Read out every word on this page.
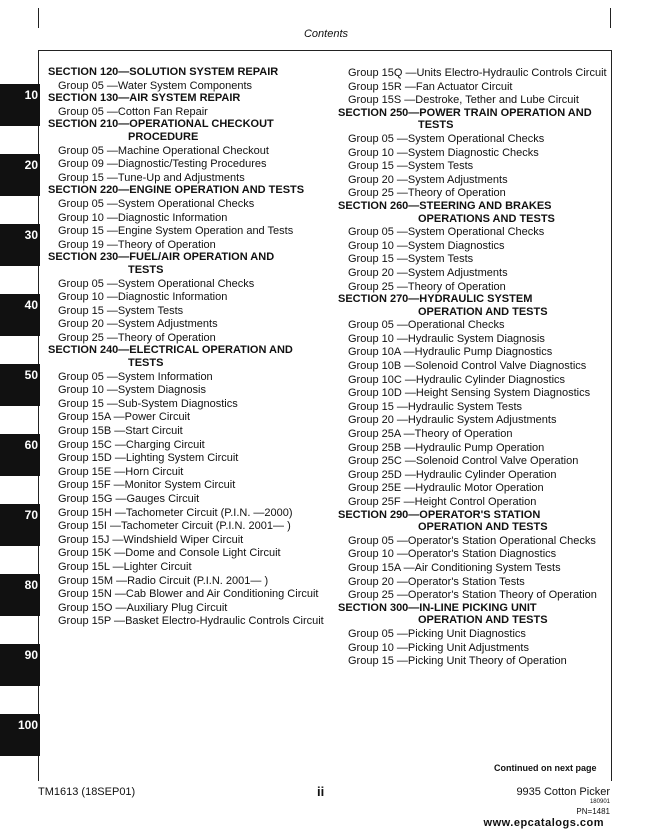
Contents
10
20
30
40
50
60
70
80
90
100
SECTION 120—SOLUTION SYSTEM REPAIR
Group 05 — Water System Components
SECTION 130—AIR SYSTEM REPAIR
Group 05 — Cotton Fan Repair
SECTION 210—OPERATIONAL CHECKOUT
PROCEDURE
Group 05 — Machine Operational Checkout
Group 09 — Diagnostic/Testing Procedures
Group 15 — Tune-Up and Adjustments
SECTION 220—ENGINE OPERATION AND TESTS
Group 05 — System Operational Checks
Group 10 — Diagnostic Information
Group 15 — Engine System Operation and Tests
Group 19 — Theory of Operation
SECTION 230—FUEL/AIR OPERATION AND
TESTS
Group 05 — System Operational Checks
Group 10 — Diagnostic Information
Group 15 — System Tests
Group 20 — System Adjustments
Group 25 — Theory of Operation
SECTION 240—ELECTRICAL OPERATION AND
TESTS
Group 05 — System Information
Group 10 — System Diagnosis
Group 15 — Sub-System Diagnostics
Group 15A — Power Circuit
Group 15B — Start Circuit
Group 15C — Charging Circuit
Group 15D — Lighting System Circuit
Group 15E — Horn Circuit
Group 15F — Monitor System Circuit
Group 15G — Gauges Circuit
Group 15H — Tachometer Circuit (P.I.N. —2000)
Group 15I — Tachometer Circuit (P.I.N. 2001— )
Group 15J — Windshield Wiper Circuit
Group 15K — Dome and Console Light Circuit
Group 15L — Lighter Circuit
Group 15M — Radio Circuit (P.I.N. 2001— )
Group 15N — Cab Blower and Air Conditioning Circuit
Group 15O — Auxiliary Plug Circuit
Group 15P — Basket Electro-Hydraulic Controls Circuit
Group 15Q — Units Electro-Hydraulic Controls Circuit
Group 15R — Fan Actuator Circuit
Group 15S — Destroke, Tether and Lube Circuit
SECTION 250—POWER TRAIN OPERATION AND
TESTS
Group 05 — System Operational Checks
Group 10 — System Diagnostic Checks
Group 15 — System Tests
Group 20 — System Adjustments
Group 25 — Theory of Operation
SECTION 260—STEERING AND BRAKES
OPERATIONS AND TESTS
Group 05 — System Operational Checks
Group 10 — System Diagnostics
Group 15 — System Tests
Group 20 — System Adjustments
Group 25 — Theory of Operation
SECTION 270—HYDRAULIC SYSTEM
OPERATION AND TESTS
Group 05 — Operational Checks
Group 10 — Hydraulic System Diagnosis
Group 10A — Hydraulic Pump Diagnostics
Group 10B — Solenoid Control Valve Diagnostics
Group 10C — Hydraulic Cylinder Diagnostics
Group 10D — Height Sensing System Diagnostics
Group 15 — Hydraulic System Tests
Group 20 — Hydraulic System Adjustments
Group 25A — Theory of Operation
Group 25B — Hydraulic Pump Operation
Group 25C — Solenoid Control Valve Operation
Group 25D — Hydraulic Cylinder Operation
Group 25E — Hydraulic Motor Operation
Group 25F — Height Control Operation
SECTION 290—OPERATOR'S STATION
OPERATION AND TESTS
Group 05 — Operator's Station Operational Checks
Group 10 — Operator's Station Diagnostics
Group 15A — Air Conditioning System Tests
Group 20 — Operator's Station Tests
Group 25 — Operator's Station Theory of Operation
SECTION 300—IN-LINE PICKING UNIT
OPERATION AND TESTS
Group 05 — Picking Unit Diagnostics
Group 10 — Picking Unit Adjustments
Group 15 — Picking Unit Theory of Operation
Continued on next page
TM1613 (18SEP01)	ii	9935 Cotton Picker
180901
PN=1481
www.epcatalogs.com
